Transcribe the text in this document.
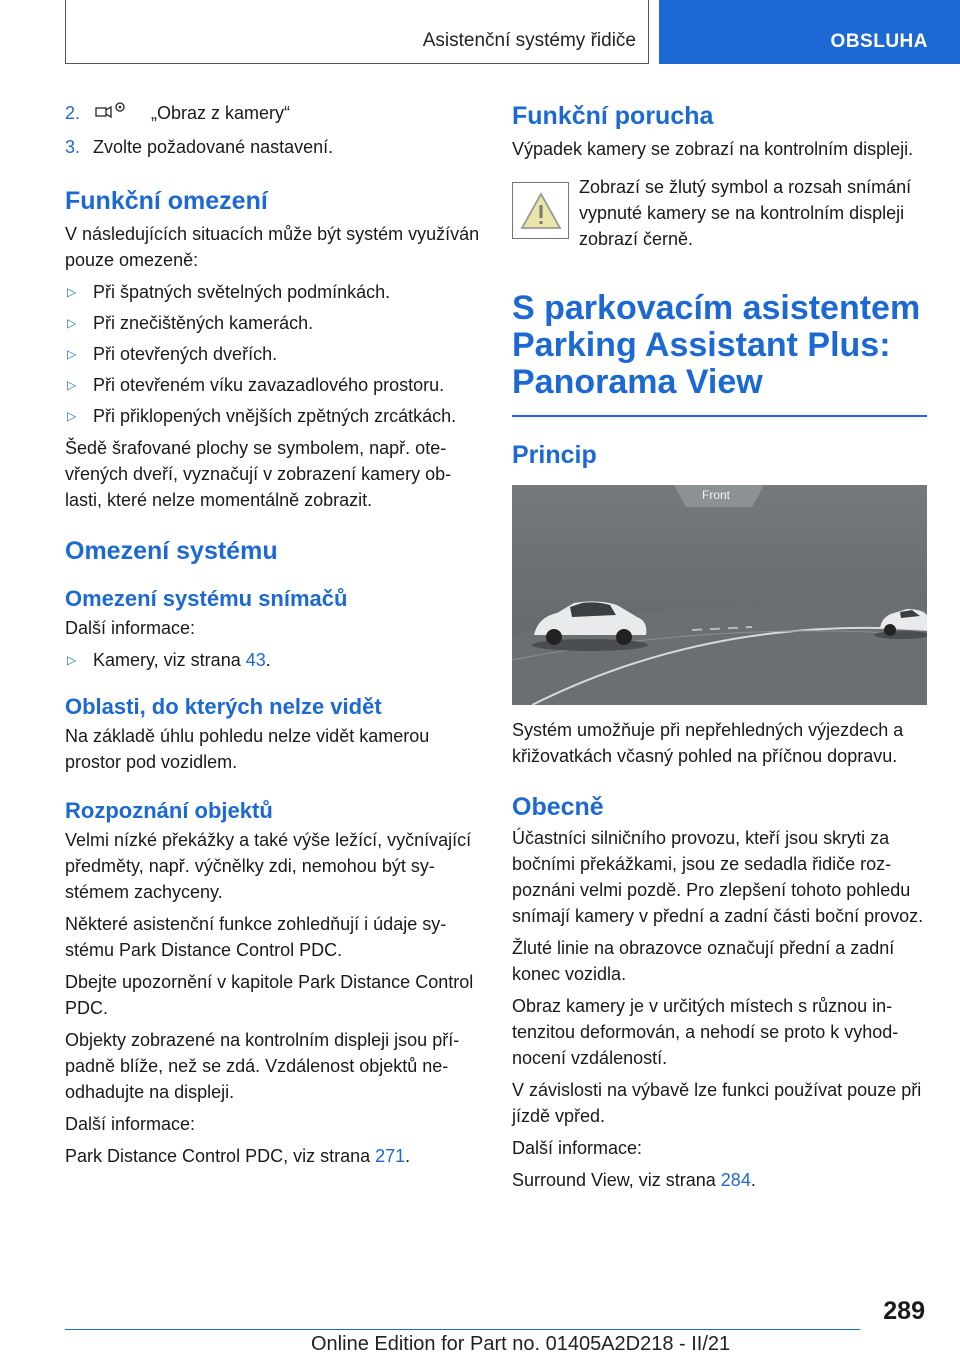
Asistenční systémy řidiče	OBSLUHA
2.	„Obraz z kamery“
3. Zvolte požadované nastavení.
Funkční omezení

V následujících situacích může být systém využíván pouze omezeně:

▷ Při špatných světelných podmínkách.
▷ Při znečištěných kamerách.
▷ Při otevřených dveřích.
▷ Při otevřeném víku zavazadlového prostoru.
▷ Při přiklopených vnějších zpětných zrcátkách.

Šedě šrafované plochy se symbolem, např. otevřených dveří, vyznačují v zobrazení kamery oblasti, které nelze momentálně zobrazit.

Omezení systému
Omezení systému snímačů

Další informace:

▷ Kamery, viz strana 43.
Oblasti, do kterých nelze vidět

Na základě úhlu pohledu nelze vidět kamerou prostor pod vozidlem.

Rozpoznání objektů

Velmi nízké překážky a také výše ležící, vyčnívající předměty, např. výčnělky zdi, nemohou být systémem zachyceny.

Některé asistenční funkce zohledňují i údaje systému Park Distance Control PDC.

Dbejte upozornění v kapitole Park Distance Control PDC.

Objekty zobrazené na kontrolním displeji jsou případně blíže, než se zdá. Vzdálenost objektů neodhadujte na displeji.

Další informace:

Park Distance Control PDC, viz strana 271.

Funkční porucha

Výpadek kamery se zobrazí na kontrolním displeji.

Zobrazí se žlutý symbol a rozsah snímání vypnuté kamery se na kontrolním displeji zobrazí černě.

S parkovacím asistentem Parking Assistant Plus: Panorama View
Princip
Front

Systém umožňuje při nepřehledných výjezdech a křižovatkách včasný pohled na příčnou dopravu.

Obecně

Účastníci silničního provozu, kteří jsou skryti za bočními překážkami, jsou ze sedadla řidiče rozpoznáni velmi pozdě. Pro zlepšení tohoto pohledu snímají kamery v přední a zadní části boční provoz.

Žluté linie na obrazovce označují přední a zadní konec vozidla.

Obraz kamery je v určitých místech s různou intenzitou deformován, a nehodí se proto k vyhodnocení vzdáleností.

V závislosti na výbavě lze funkci používat pouze při jízdě vpřed.

Další informace:

Surround View, viz strana 284.

289
Online Edition for Part no. 01405A2D218 - II/21
